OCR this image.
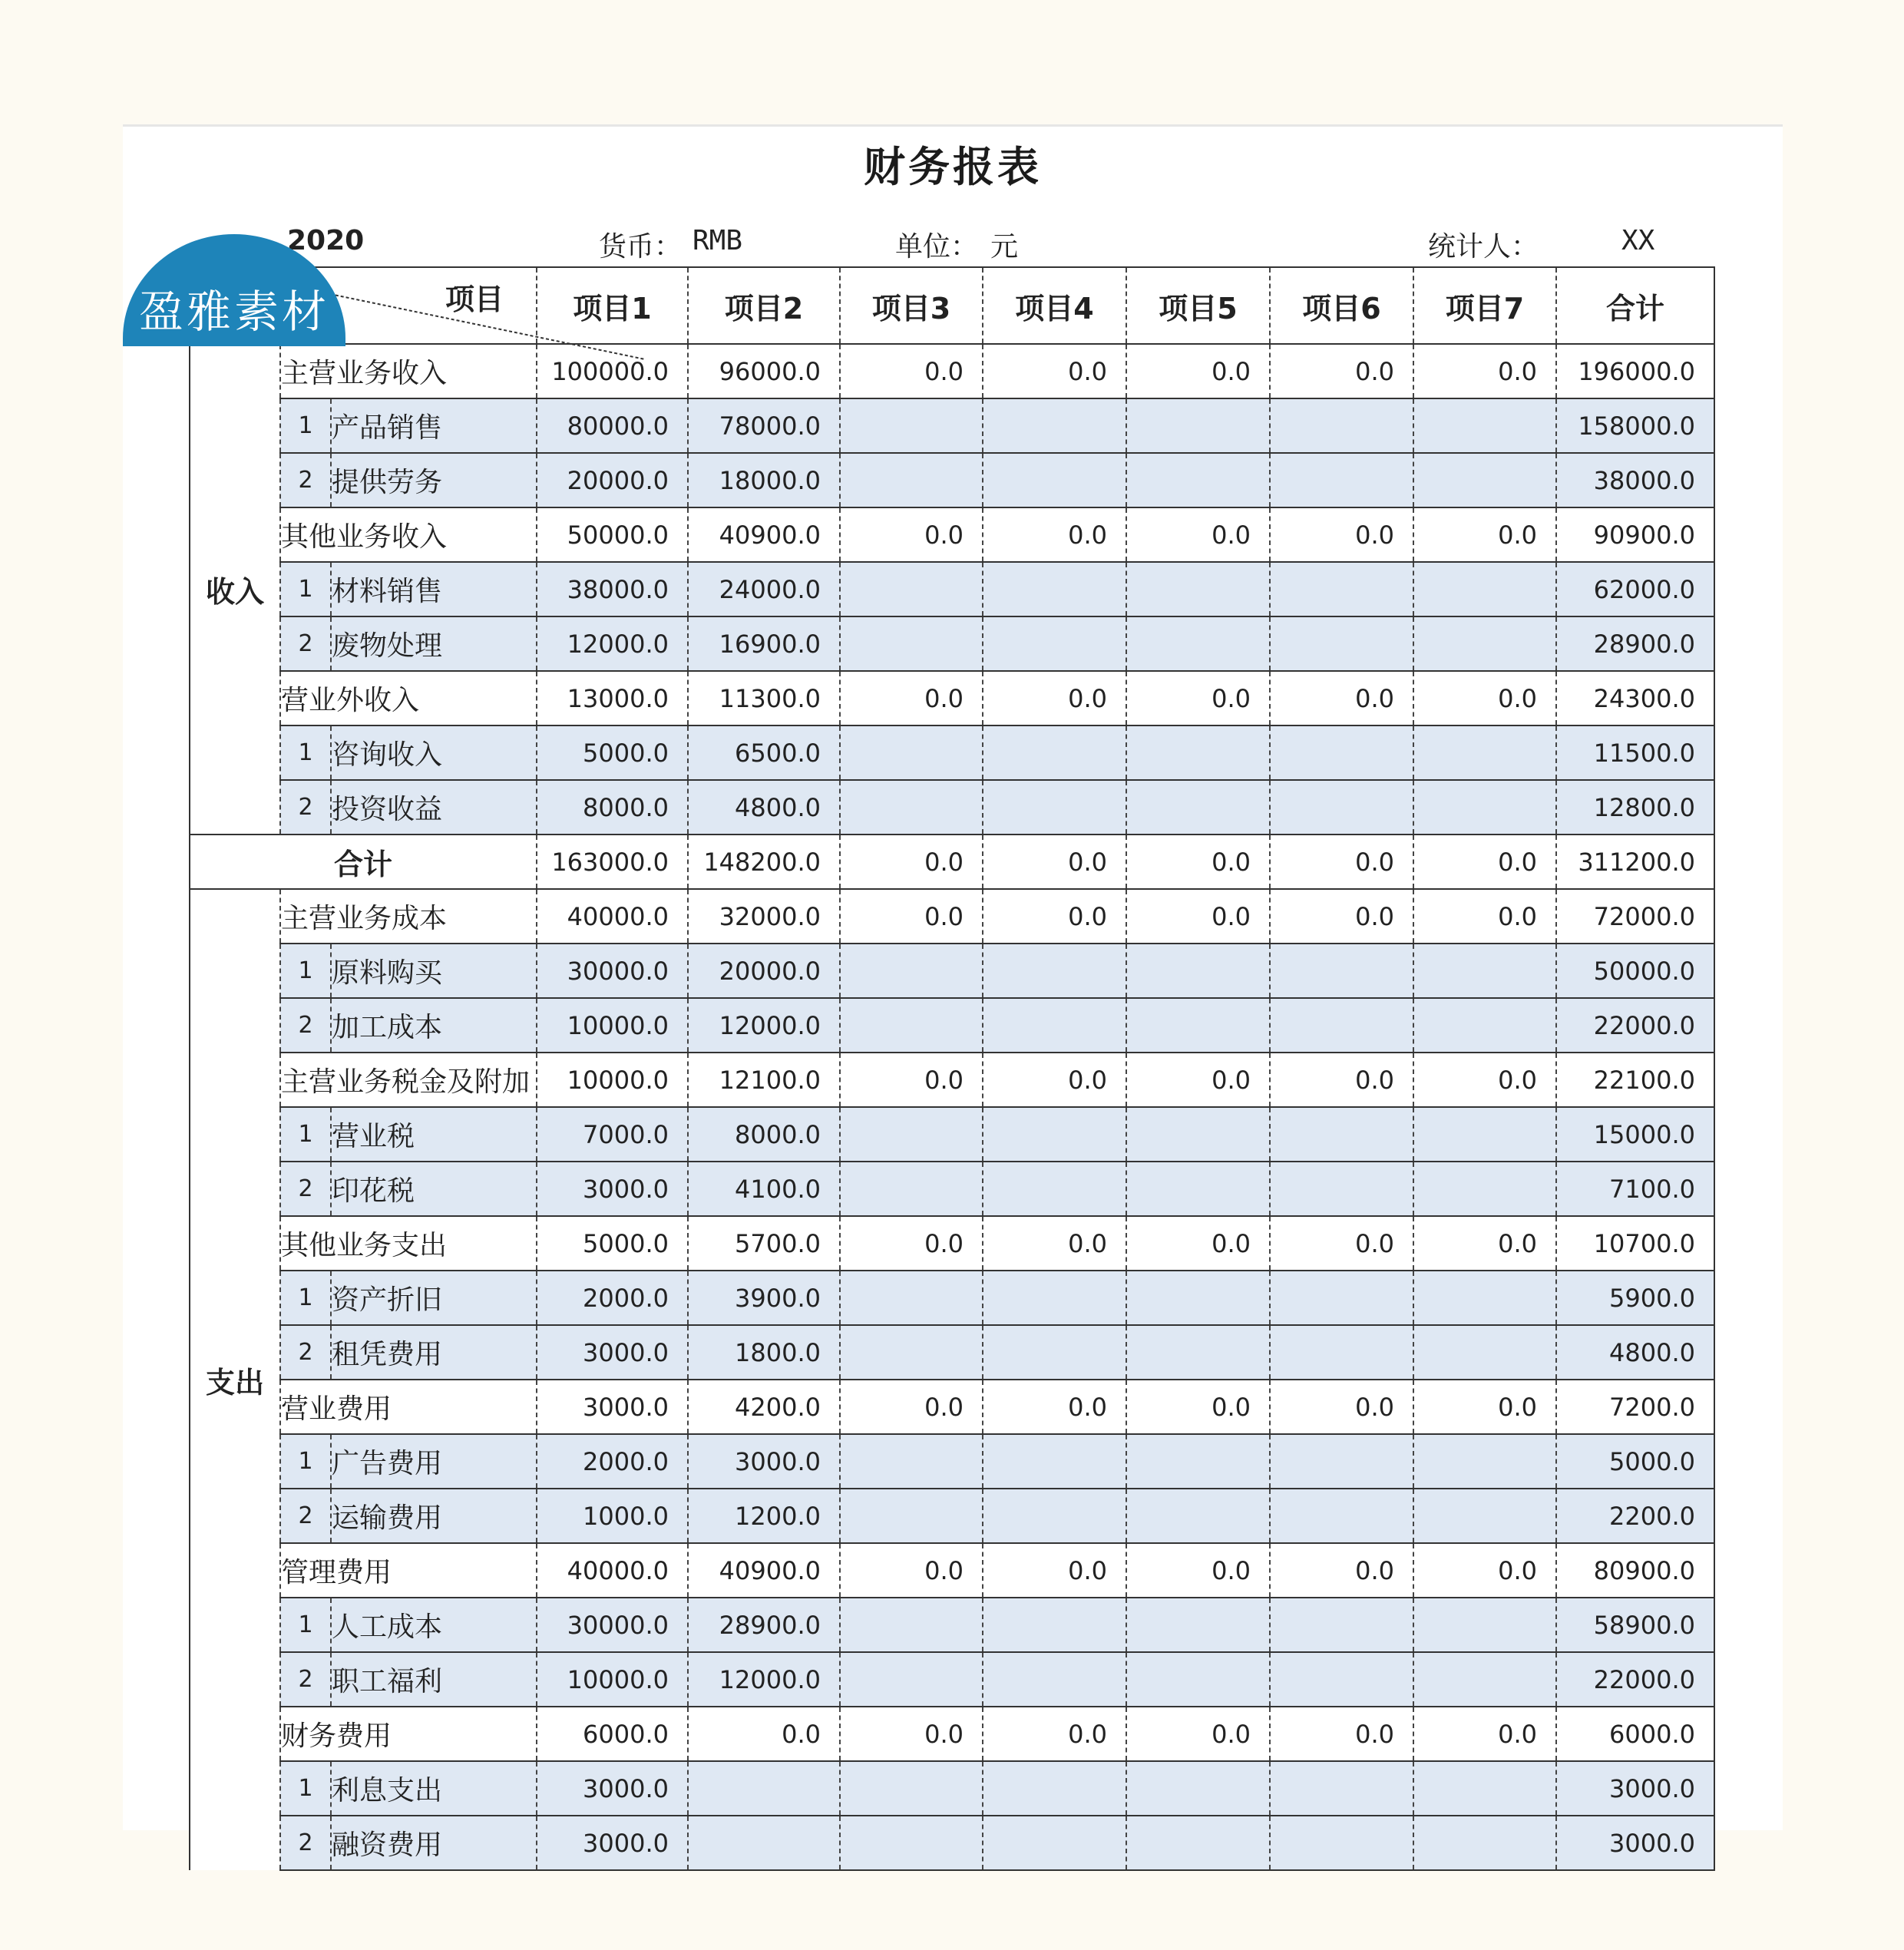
财务报表
2020	货币： RMB	单位： 元	统计人：	XX
	项目		项目1	项目2	项目3	项目4	项目5	项目6	项目7	合计
收入	主营业务收入		100000.0	96000.0	0.0	0.0	0.0	0.0	0.0	196000.0
	1	产品销售	80000.0	78000.0						158000.0
	2	提供劳务	20000.0	18000.0						38000.0
	其他业务收入		50000.0	40900.0	0.0	0.0	0.0	0.0	0.0	90900.0
	1	材料销售	38000.0	24000.0						62000.0
	2	废物处理	12000.0	16900.0						28900.0
	营业外收入		13000.0	11300.0	0.0	0.0	0.0	0.0	0.0	24300.0
	1	咨询收入	5000.0	6500.0						11500.0
	2	投资收益	8000.0	4800.0						12800.0
合计			163000.0	148200.0	0.0	0.0	0.0	0.0	0.0	311200.0
支出	主营业务成本		40000.0	32000.0	0.0	0.0	0.0	0.0	0.0	72000.0
	1	原料购买	30000.0	20000.0						50000.0
	2	加工成本	10000.0	12000.0						22000.0
	主营业务税金及附加		10000.0	12100.0	0.0	0.0	0.0	0.0	0.0	22100.0
	1	营业税	7000.0	8000.0						15000.0
	2	印花税	3000.0	4100.0						7100.0
	其他业务支出		5000.0	5700.0	0.0	0.0	0.0	0.0	0.0	10700.0
	1	资产折旧	2000.0	3900.0						5900.0
	2	租凭费用	3000.0	1800.0						4800.0
	营业费用		3000.0	4200.0	0.0	0.0	0.0	0.0	0.0	7200.0
	1	广告费用	2000.0	3000.0						5000.0
	2	运输费用	1000.0	1200.0						2200.0
	管理费用		40000.0	40900.0	0.0	0.0	0.0	0.0	0.0	80900.0
	1	人工成本	30000.0	28900.0						58900.0
	2	职工福利	10000.0	12000.0						22000.0
	财务费用		6000.0	0.0	0.0	0.0	0.0	0.0	0.0	6000.0
	1	利息支出	3000.0							3000.0
	2	融资费用	3000.0							3000.0
盈雅素材
